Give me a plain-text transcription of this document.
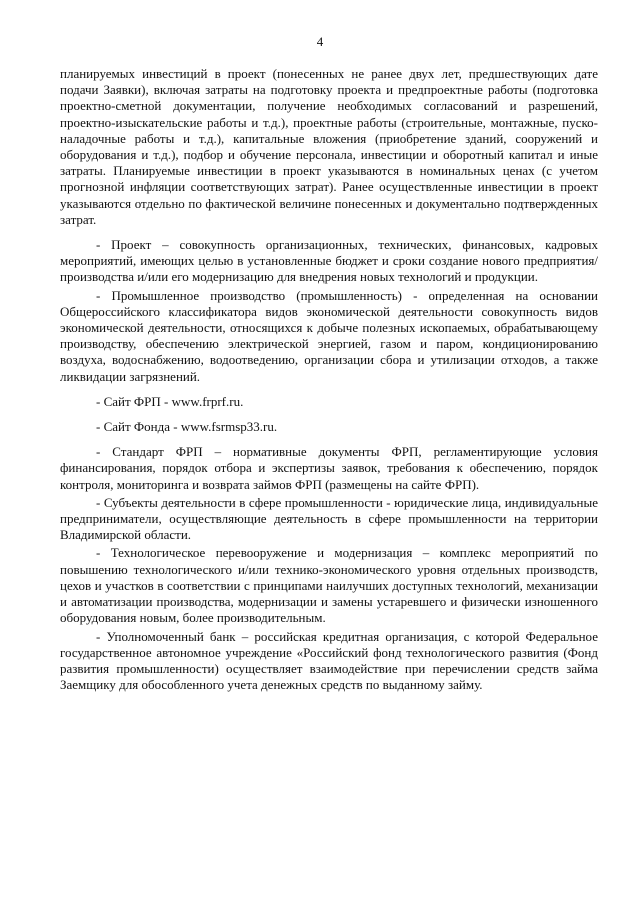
4

планируемых инвестиций в проект (понесенных не ранее двух лет, предшествующих дате подачи Заявки), включая затраты на подготовку проекта и предпроектные работы (подготовка проектно-сметной документации, получение необходимых согласований и разрешений, проектно-изыскательские работы и т.д.), проектные работы (строительные, монтажные, пуско-наладочные работы и т.д.), капитальные вложения (приобретение зданий, сооружений и оборудования и т.д.), подбор и обучение персонала, инвестиции и оборотный капитал и иные затраты. Планируемые инвестиции в проект указываются в номинальных ценах (с учетом прогнозной инфляции соответствующих затрат). Ранее осуществленные инвестиции в проект указываются отдельно по фактической величине понесенных и документально подтвержденных затрат.

- Проект – совокупность организационных, технических, финансовых, кадровых мероприятий, имеющих целью в установленные бюджет и сроки создание нового предприятия/производства и/или его модернизацию для внедрения новых технологий и продукции.

- Промышленное производство (промышленность) - определенная на основании Общероссийского классификатора видов экономической деятельности совокупность видов экономической деятельности, относящихся к добыче полезных ископаемых, обрабатывающему производству, обеспечению электрической энергией, газом и паром, кондиционированию воздуха, водоснабжению, водоотведению, организации сбора и утилизации отходов, а также ликвидации загрязнений.

- Сайт ФРП - www.frprf.ru.

- Сайт Фонда - www.fsrmsp33.ru.

- Стандарт ФРП – нормативные документы ФРП, регламентирующие условия финансирования, порядок отбора и экспертизы заявок, требования к обеспечению, порядок контроля, мониторинга и возврата займов ФРП (размещены на сайте ФРП).

- Субъекты деятельности в сфере промышленности - юридические лица, индивидуальные предприниматели, осуществляющие деятельность в сфере промышленности на территории Владимирской области.

- Технологическое перевооружение и модернизация – комплекс мероприятий по повышению технологического и/или технико-экономического уровня отдельных производств, цехов и участков в соответствии с принципами наилучших доступных технологий, механизации и автоматизации производства, модернизации и замены устаревшего и физически изношенного оборудования новым, более производительным.

- Уполномоченный банк – российская кредитная организация, с которой Федеральное государственное автономное учреждение «Российский фонд технологического развития (Фонд развития промышленности) осуществляет взаимодействие при перечислении средств займа Заемщику для обособленного учета денежных средств по выданному займу.
